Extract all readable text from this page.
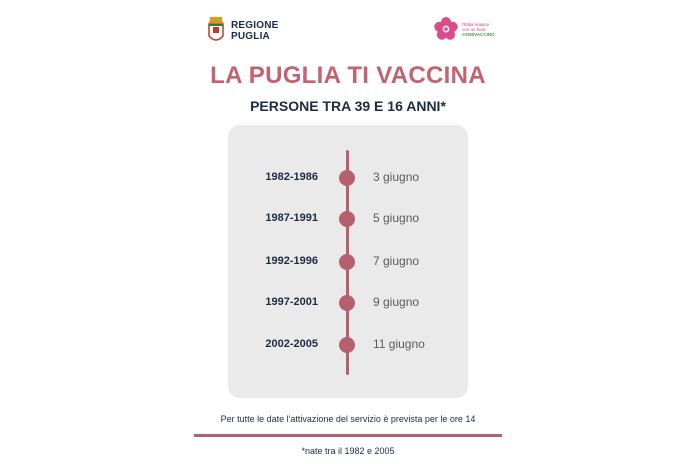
REGIONE
PUGLIA
l'Italia rinasce
con un fiore
#IOMIVACCINO
LA PUGLIA TI VACCINA
PERSONE TRA 39 E 16 ANNI*
1982-1986	3 giugno
1987-1991	5 giugno
1992-1996	7 giugno
1997-2001	9 giugno
2002-2005	11 giugno
Per tutte le date l'attivazione del servizio è prevista per le ore 14
*nate tra il 1982 e 2005
